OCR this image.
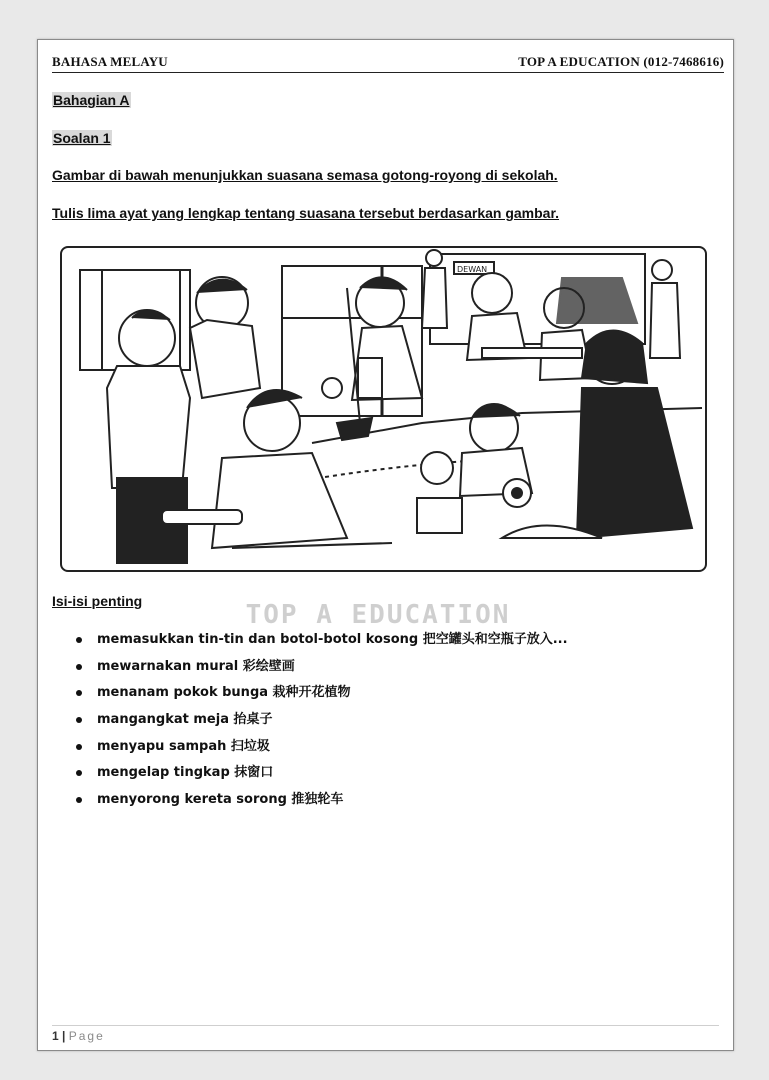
BAHASA MELAYU	TOP A EDUCATION (012-7468616)
Bahagian A
Soalan 1
Gambar di bawah menunjukkan suasana semasa gotong-royong di sekolah.
Tulis lima ayat yang lengkap tentang suasana tersebut berdasarkan gambar.
DEWAN
TOP A EDUCATION
Isi-isi penting
memasukkan tin-tin dan botol-botol kosong 把空罐头和空瓶子放入...
mewarnakan mural 彩绘壁画
menanam pokok bunga 栽种开花植物
mangangkat meja 抬桌子
menyapu sampah 扫垃圾
mengelap tingkap 抹窗口
menyorong kereta sorong 推独轮车
1 | Page
